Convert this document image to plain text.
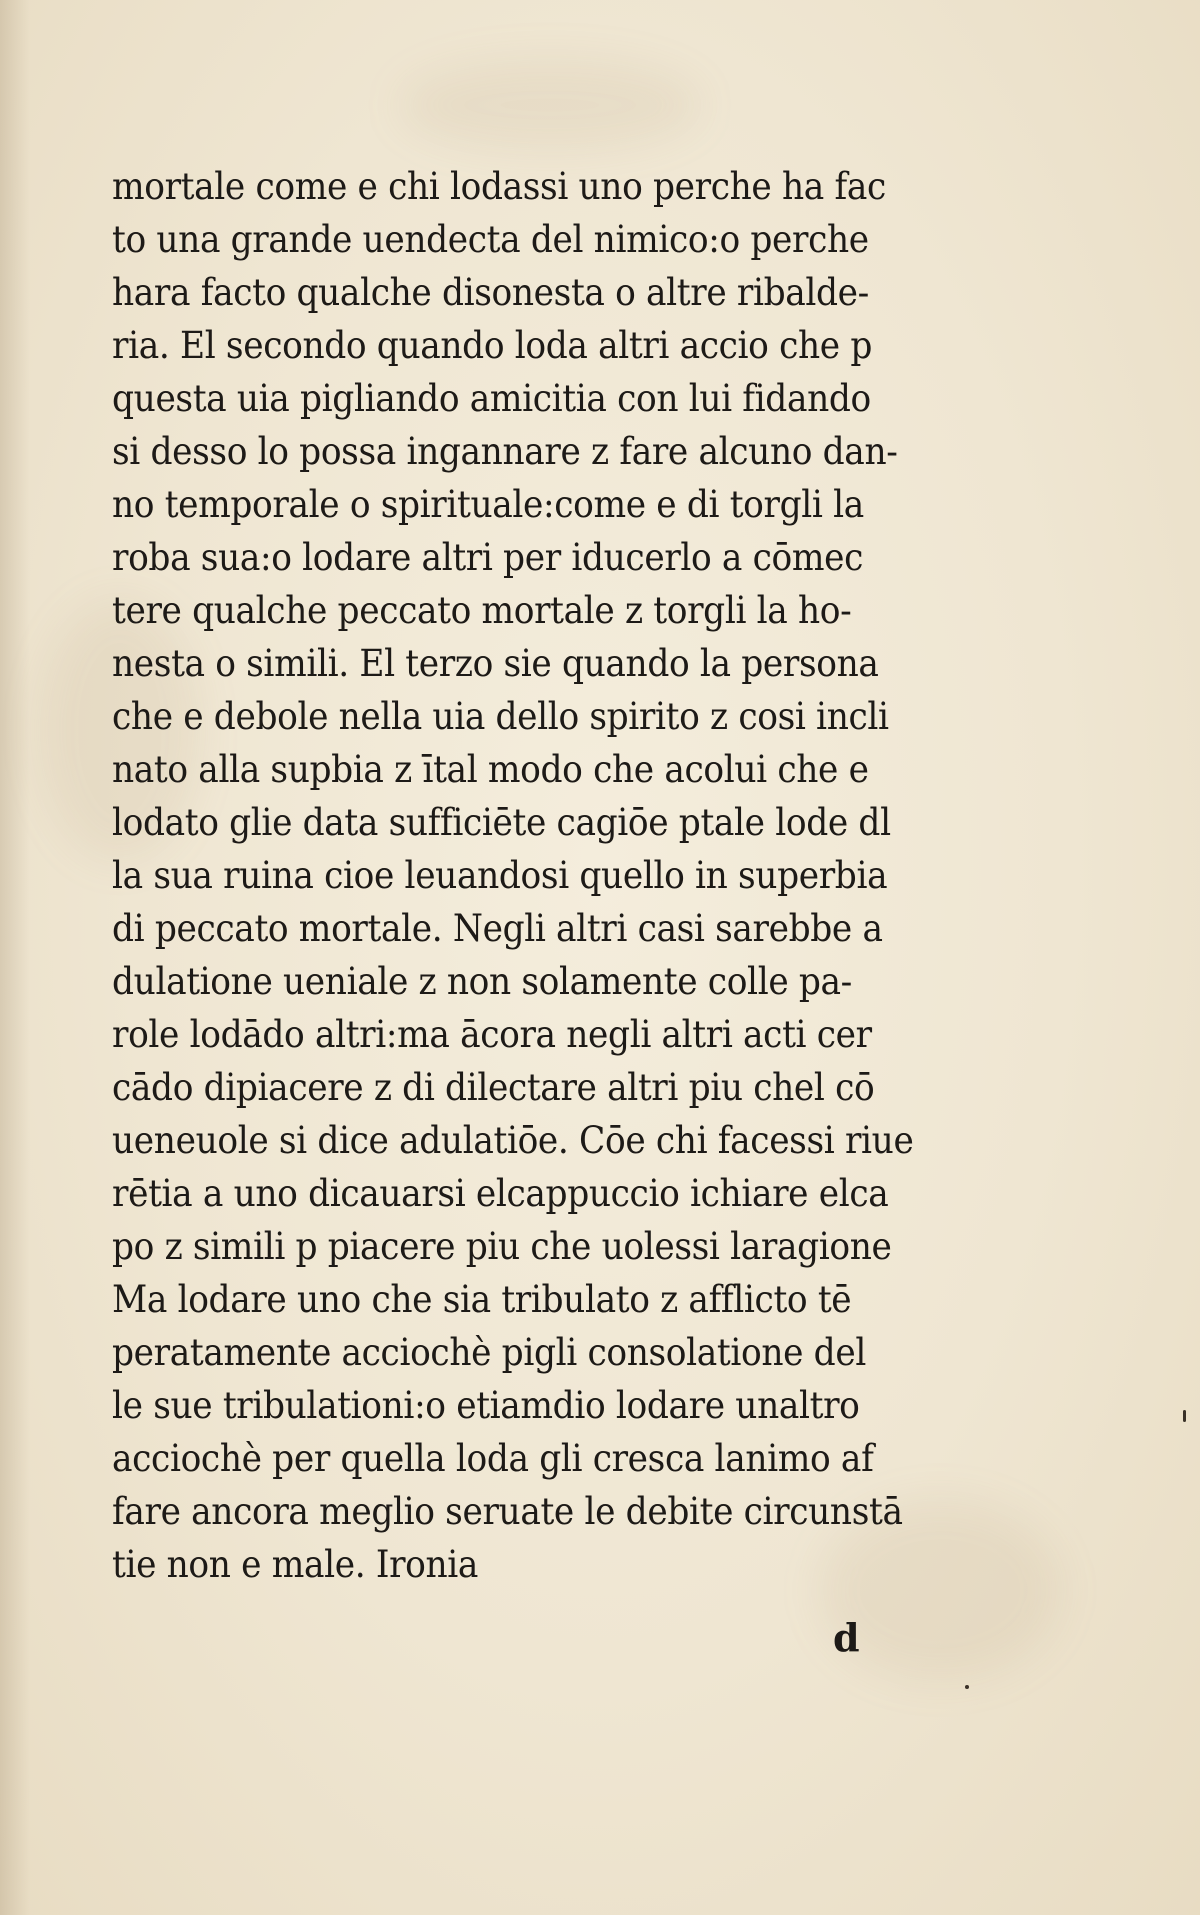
mortale come e chi lodassi uno perche ha fac
to una grande uendecta del nimico:o perche
hara facto qualche disonesta o altre ribalde-
ria. El secondo quando loda altri accio che p
questa uia pigliando amicitia con lui fidando
si desso lo possa ingannare z fare alcuno dan-
no temporale o spirituale:come e di torgli la
roba sua:o lodare altri per iducerlo a cōmec
tere qualche peccato mortale z torgli la ho-
nesta o simili. El terzo sie quando la persona
che e debole nella uia dello spirito z cosi incli
nato alla supbia z ītal modo che acolui che e
lodato glie data sufficiēte cagiōe ptale lode dl
la sua ruina cioe leuandosi quello in superbia
di peccato mortale. Negli altri casi sarebbe a
dulatione ueniale z non solamente colle pa-
role lodādo altri:ma ācora negli altri acti cer
cādo dipiacere z di dilectare altri piu chel cō
ueneuole si dice adulatiōe. Cōe chi facessi riue
rētia a uno dicauarsi elcappuccio ichiare elca
po z simili p piacere piu che uolessi laragione
Ma lodare uno che sia tribulato z afflicto tē
peratamente acciochè pigli consolatione del
le sue tribulationi:o etiamdio lodare unaltro
acciochè per quella loda gli cresca lanimo af
fare ancora meglio seruate le debite circunstā
tie non e male. Ironia
d
